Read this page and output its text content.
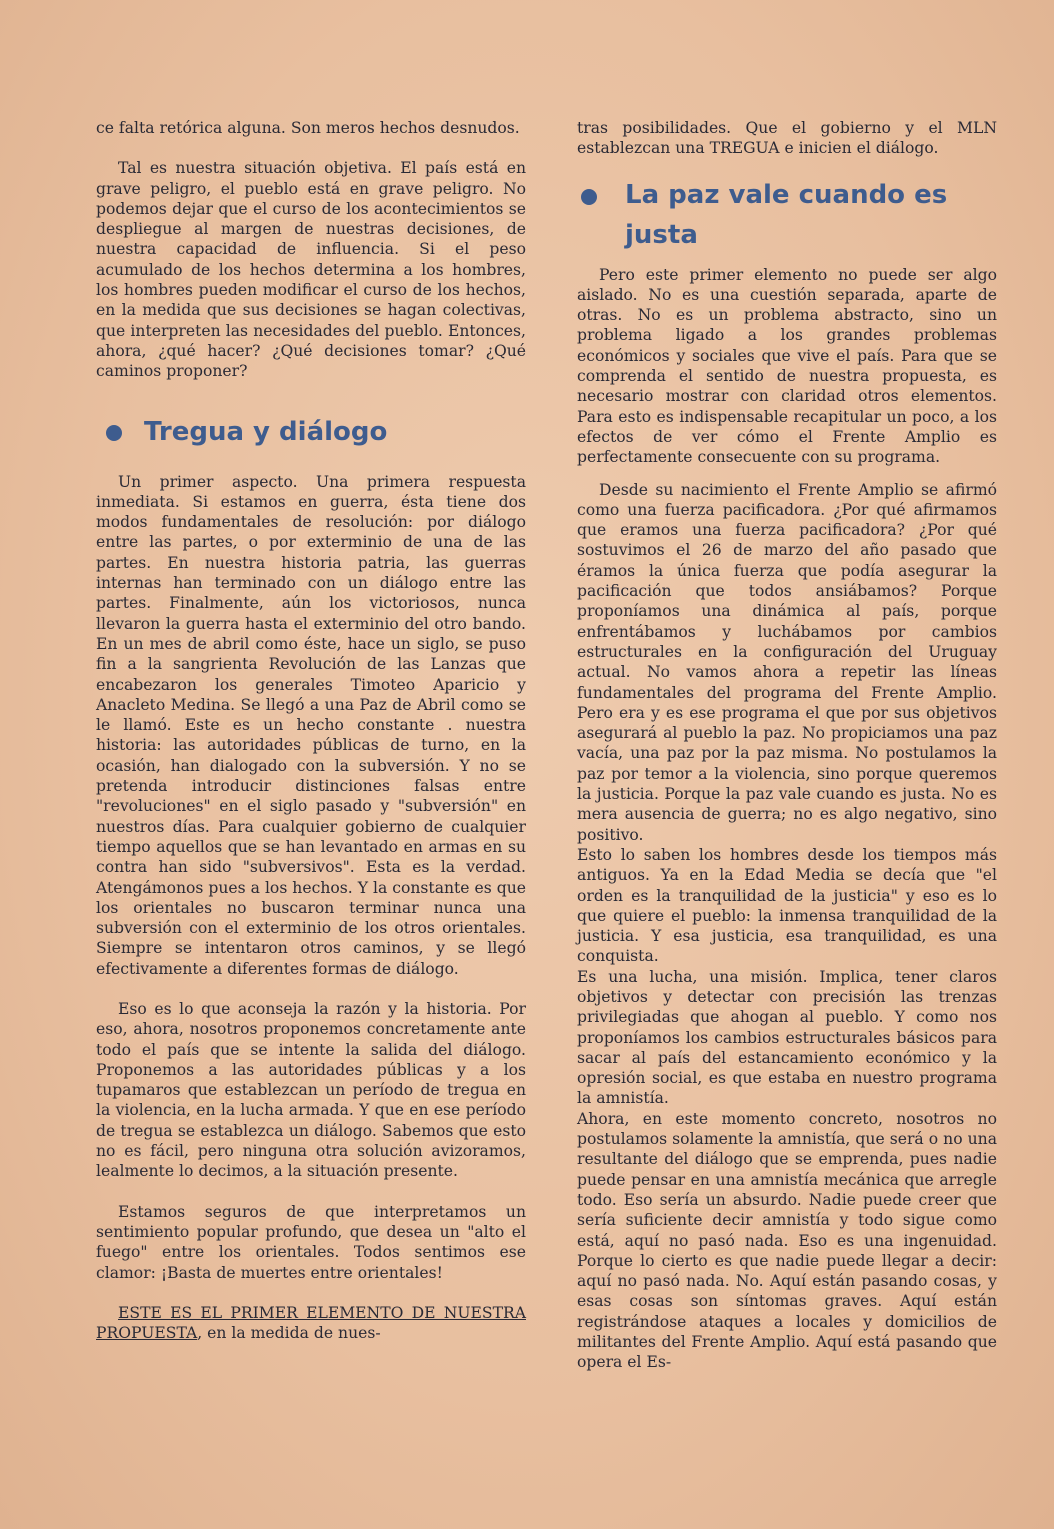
ce falta retórica alguna. Son meros hechos desnudos.

Tal es nuestra situación objetiva. El país está en grave peligro, el pueblo está en grave peligro. No podemos dejar que el curso de los acontecimientos se despliegue al margen de nuestras decisiones, de nuestra capacidad de influencia. Si el peso acumulado de los hechos determina a los hombres, los hombres pueden modificar el curso de los hechos, en la medida que sus decisiones se hagan colectivas, que interpreten las necesidades del pueblo. Entonces, ahora, ¿qué hacer? ¿Qué decisiones tomar? ¿Qué caminos proponer?

Tregua y diálogo

Un primer aspecto. Una primera respuesta inmediata. Si estamos en guerra, ésta tiene dos modos fundamentales de resolución: por diálogo entre las partes, o por exterminio de una de las partes. En nuestra historia patria, las guerras internas han terminado con un diálogo entre las partes. Finalmente, aún los victoriosos, nunca llevaron la guerra hasta el exterminio del otro bando. En un mes de abril como éste, hace un siglo, se puso fin a la sangrienta Revolución de las Lanzas que encabezaron los generales Timoteo Aparicio y Anacleto Medina. Se llegó a una Paz de Abril como se le llamó. Este es un hecho constante . nuestra historia: las autoridades públicas de turno, en la ocasión, han dialogado con la subversión. Y no se pretenda introducir distinciones falsas entre "revoluciones" en el siglo pasado y "subversión" en nuestros días. Para cualquier gobierno de cualquier tiempo aquellos que se han levantado en armas en su contra han sido "subversivos". Esta es la verdad. Atengámonos pues a los hechos. Y la constante es que los orientales no buscaron terminar nunca una subversión con el exterminio de los otros orientales. Siempre se intentaron otros caminos, y se llegó efectivamente a diferentes formas de diálogo.

Eso es lo que aconseja la razón y la historia. Por eso, ahora, nosotros proponemos concretamente ante todo el país que se intente la salida del diálogo. Proponemos a las autoridades públicas y a los tupamaros que establezcan un período de tregua en la violencia, en la lucha armada. Y que en ese período de tregua se establezca un diálogo. Sabemos que esto no es fácil, pero ninguna otra solución avizoramos, lealmente lo decimos, a la situación presente.

Estamos seguros de que interpretamos un sentimiento popular profundo, que desea un "alto el fuego" entre los orientales. Todos sentimos ese clamor: ¡Basta de muertes entre orientales!

ESTE ES EL PRIMER ELEMENTO DE NUESTRA PROPUESTA, en la medida de nues-

tras posibilidades. Que el gobierno y el MLN establezcan una TREGUA e inicien el diálogo.

La paz vale cuando es justa

Pero este primer elemento no puede ser algo aislado. No es una cuestión separada, aparte de otras. No es un problema abstracto, sino un problema ligado a los grandes problemas económicos y sociales que vive el país. Para que se comprenda el sentido de nuestra propuesta, es necesario mostrar con claridad otros elementos. Para esto es indispensable recapitular un poco, a los efectos de ver cómo el Frente Amplio es perfectamente consecuente con su programa.

Desde su nacimiento el Frente Amplio se afirmó como una fuerza pacificadora. ¿Por qué afirmamos que eramos una fuerza pacificadora? ¿Por qué sostuvimos el 26 de marzo del año pasado que éramos la única fuerza que podía asegurar la pacificación que todos ansiábamos? Porque proponíamos una dinámica al país, porque enfrentábamos y luchábamos por cambios estructurales en la configuración del Uruguay actual. No vamos ahora a repetir las líneas fundamentales del programa del Frente Amplio. Pero era y es ese programa el que por sus objetivos asegurará al pueblo la paz. No propiciamos una paz vacía, una paz por la paz misma. No postulamos la paz por temor a la violencia, sino porque queremos la justicia. Porque la paz vale cuando es justa. No es mera ausencia de guerra; no es algo negativo, sino positivo.

Esto lo saben los hombres desde los tiempos más antiguos. Ya en la Edad Media se decía que "el orden es la tranquilidad de la justicia" y eso es lo que quiere el pueblo: la inmensa tranquilidad de la justicia. Y esa justicia, esa tranquilidad, es una conquista.

Es una lucha, una misión. Implica, tener claros objetivos y detectar con precisión las trenzas privilegiadas que ahogan al pueblo. Y como nos proponíamos los cambios estructurales básicos para sacar al país del estancamiento económico y la opresión social, es que estaba en nuestro programa la amnistía.

Ahora, en este momento concreto, nosotros no postulamos solamente la amnistía, que será o no una resultante del diálogo que se emprenda, pues nadie puede pensar en una amnistía mecánica que arregle todo. Eso sería un absurdo. Nadie puede creer que sería suficiente decir amnistía y todo sigue como está, aquí no pasó nada. Eso es una ingenuidad. Porque lo cierto es que nadie puede llegar a decir: aquí no pasó nada. No. Aquí están pasando cosas, y esas cosas son síntomas graves. Aquí están registrándose ataques a locales y domicilios de militantes del Frente Amplio. Aquí está pasando que opera el Es-
